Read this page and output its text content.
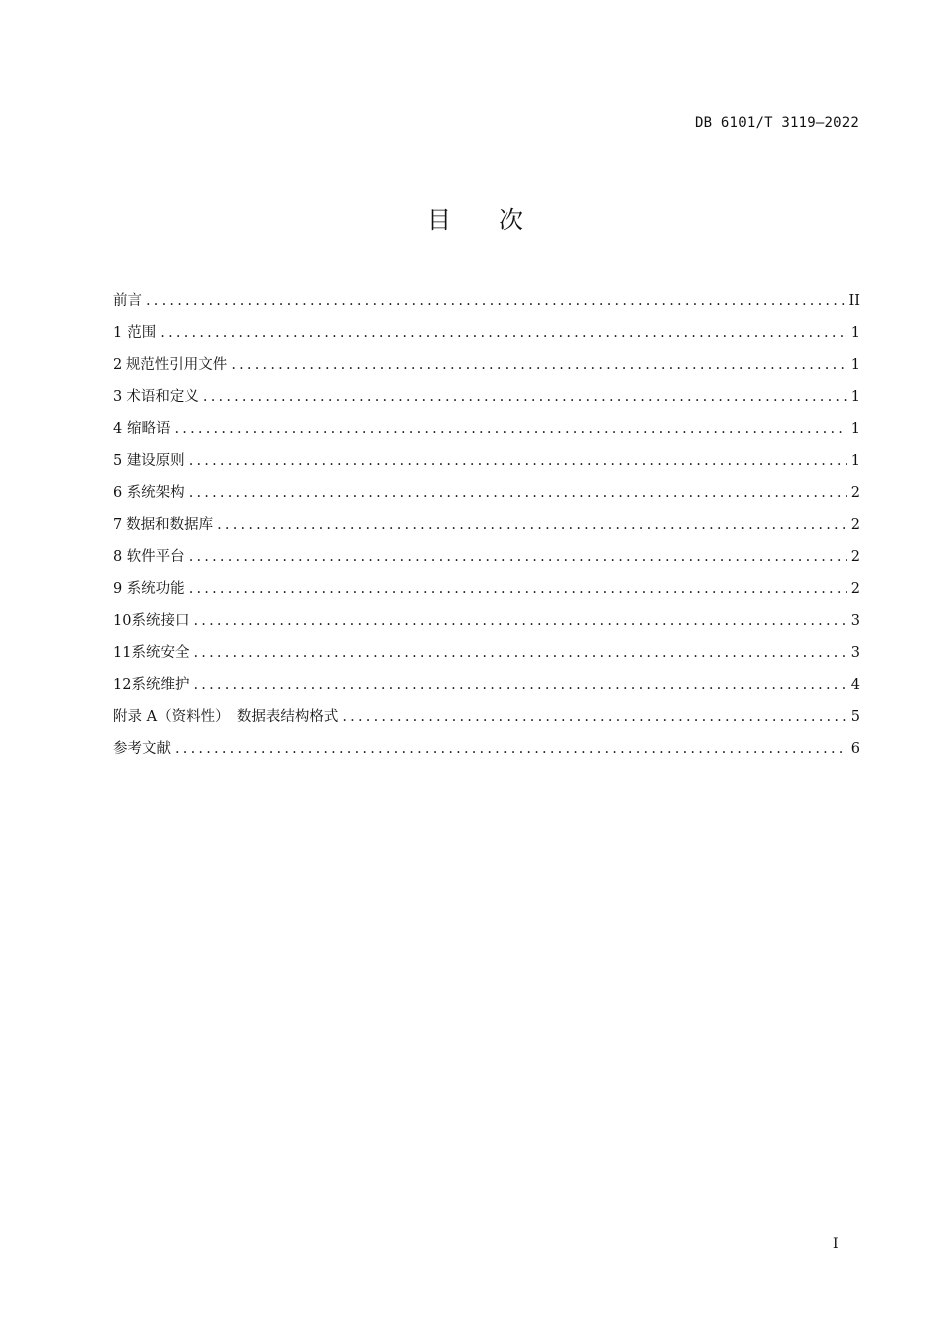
DB 6101/T 3119—2022
目 次
前言 .....	II
1 范围 .....	1
2 规范性引用文件 .....	1
3 术语和定义 .....	1
4 缩略语 .....	1
5 建设原则 .....	1
6 系统架构 .....	2
7 数据和数据库 .....	2
8 软件平台 .....	2
9 系统功能 .....	2
10 系统接口 .....	3
11 系统安全 .....	3
12 系统维护 .....	4
附录 A（资料性）　数据表结构格式 .....	5
参考文献 .....	6
I
